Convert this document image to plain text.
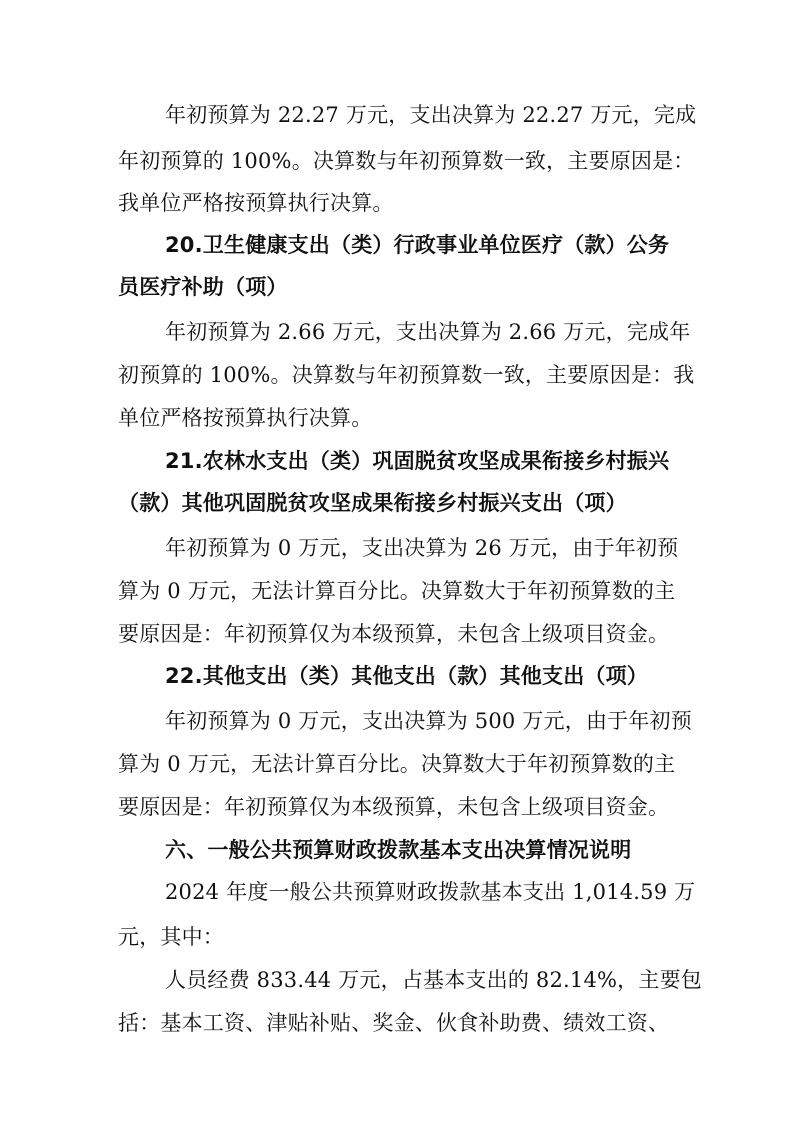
年初预算为 22.27 万元，支出决算为 22.27 万元，完成
年初预算的 100%。决算数与年初预算数一致，主要原因是：
我单位严格按预算执行决算。
20.卫生健康支出（类）行政事业单位医疗（款）公务
员医疗补助（项）
年初预算为 2.66 万元，支出决算为 2.66 万元，完成年
初预算的 100%。决算数与年初预算数一致，主要原因是：我
单位严格按预算执行决算。
21.农林水支出（类）巩固脱贫攻坚成果衔接乡村振兴
（款）其他巩固脱贫攻坚成果衔接乡村振兴支出（项）
年初预算为 0 万元，支出决算为 26 万元，由于年初预
算为 0 万元，无法计算百分比。决算数大于年初预算数的主
要原因是：年初预算仅为本级预算，未包含上级项目资金。
22.其他支出（类）其他支出（款）其他支出（项）
年初预算为 0 万元，支出决算为 500 万元，由于年初预
算为 0 万元，无法计算百分比。决算数大于年初预算数的主
要原因是：年初预算仅为本级预算，未包含上级项目资金。
六、一般公共预算财政拨款基本支出决算情况说明
2024 年度一般公共预算财政拨款基本支出 1,014.59 万
元，其中：
人员经费 833.44 万元，占基本支出的 82.14%，主要包
括：基本工资、津贴补贴、奖金、伙食补助费、绩效工资、
